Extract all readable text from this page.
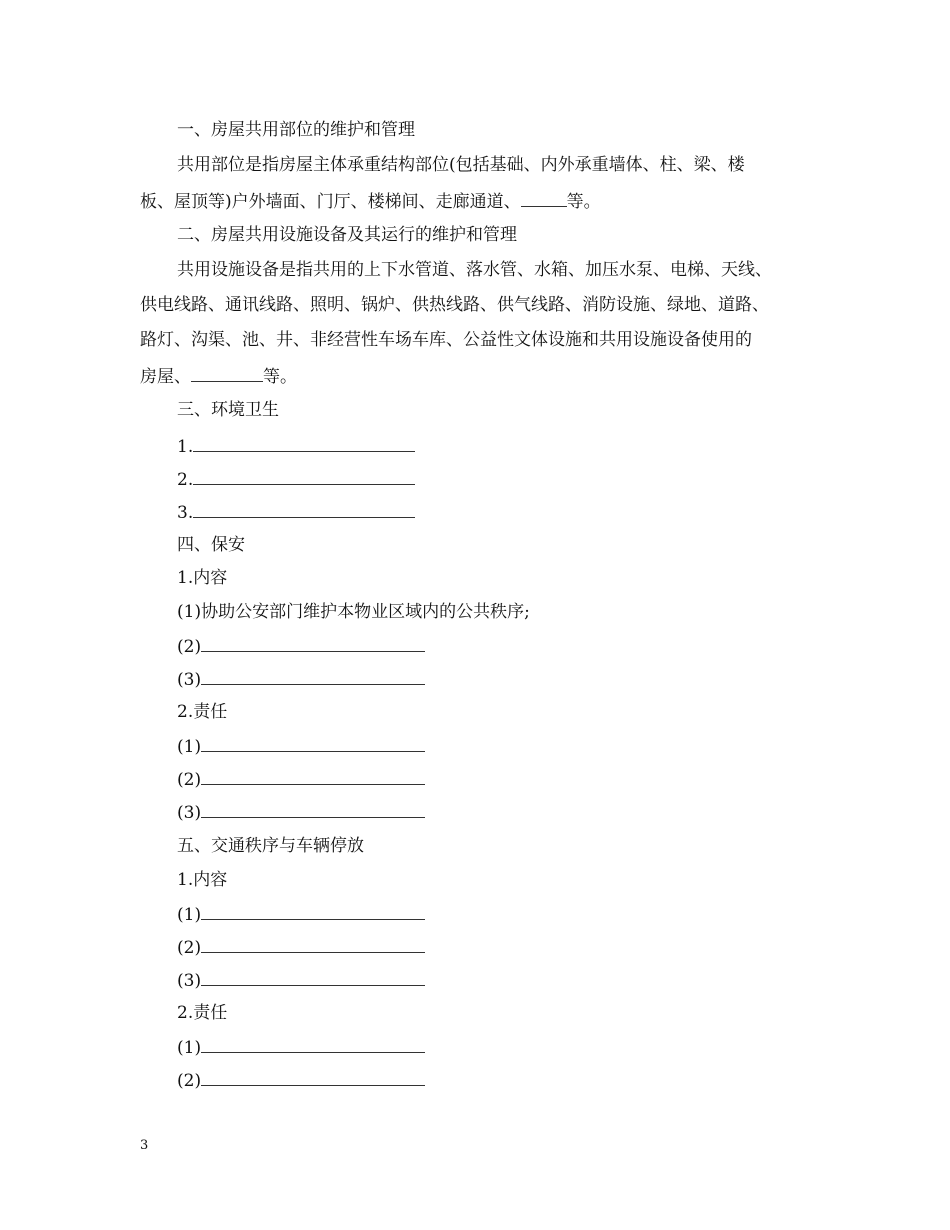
一、房屋共用部位的维护和管理
共用部位是指房屋主体承重结构部位(包括基础、内外承重墙体、柱、梁、楼
板、屋顶等)户外墙面、门厅、楼梯间、走廊通道、	等。
二、房屋共用设施设备及其运行的维护和管理
共用设施设备是指共用的上下水管道、落水管、水箱、加压水泵、电梯、天线、
供电线路、通讯线路、照明、锅炉、供热线路、供气线路、消防设施、绿地、道路、
路灯、沟渠、池、井、非经营性车场车库、公益性文体设施和共用设施设备使用的
房屋、	等。
三、环境卫生
1.
2.
3.
四、保安
1.内容
(1)协助公安部门维护本物业区域内的公共秩序;
(2)
(3)
2.责任
(1)
(2)
(3)
五、交通秩序与车辆停放
1.内容
(1)
(2)
(3)
2.责任
(1)
(2)
3
